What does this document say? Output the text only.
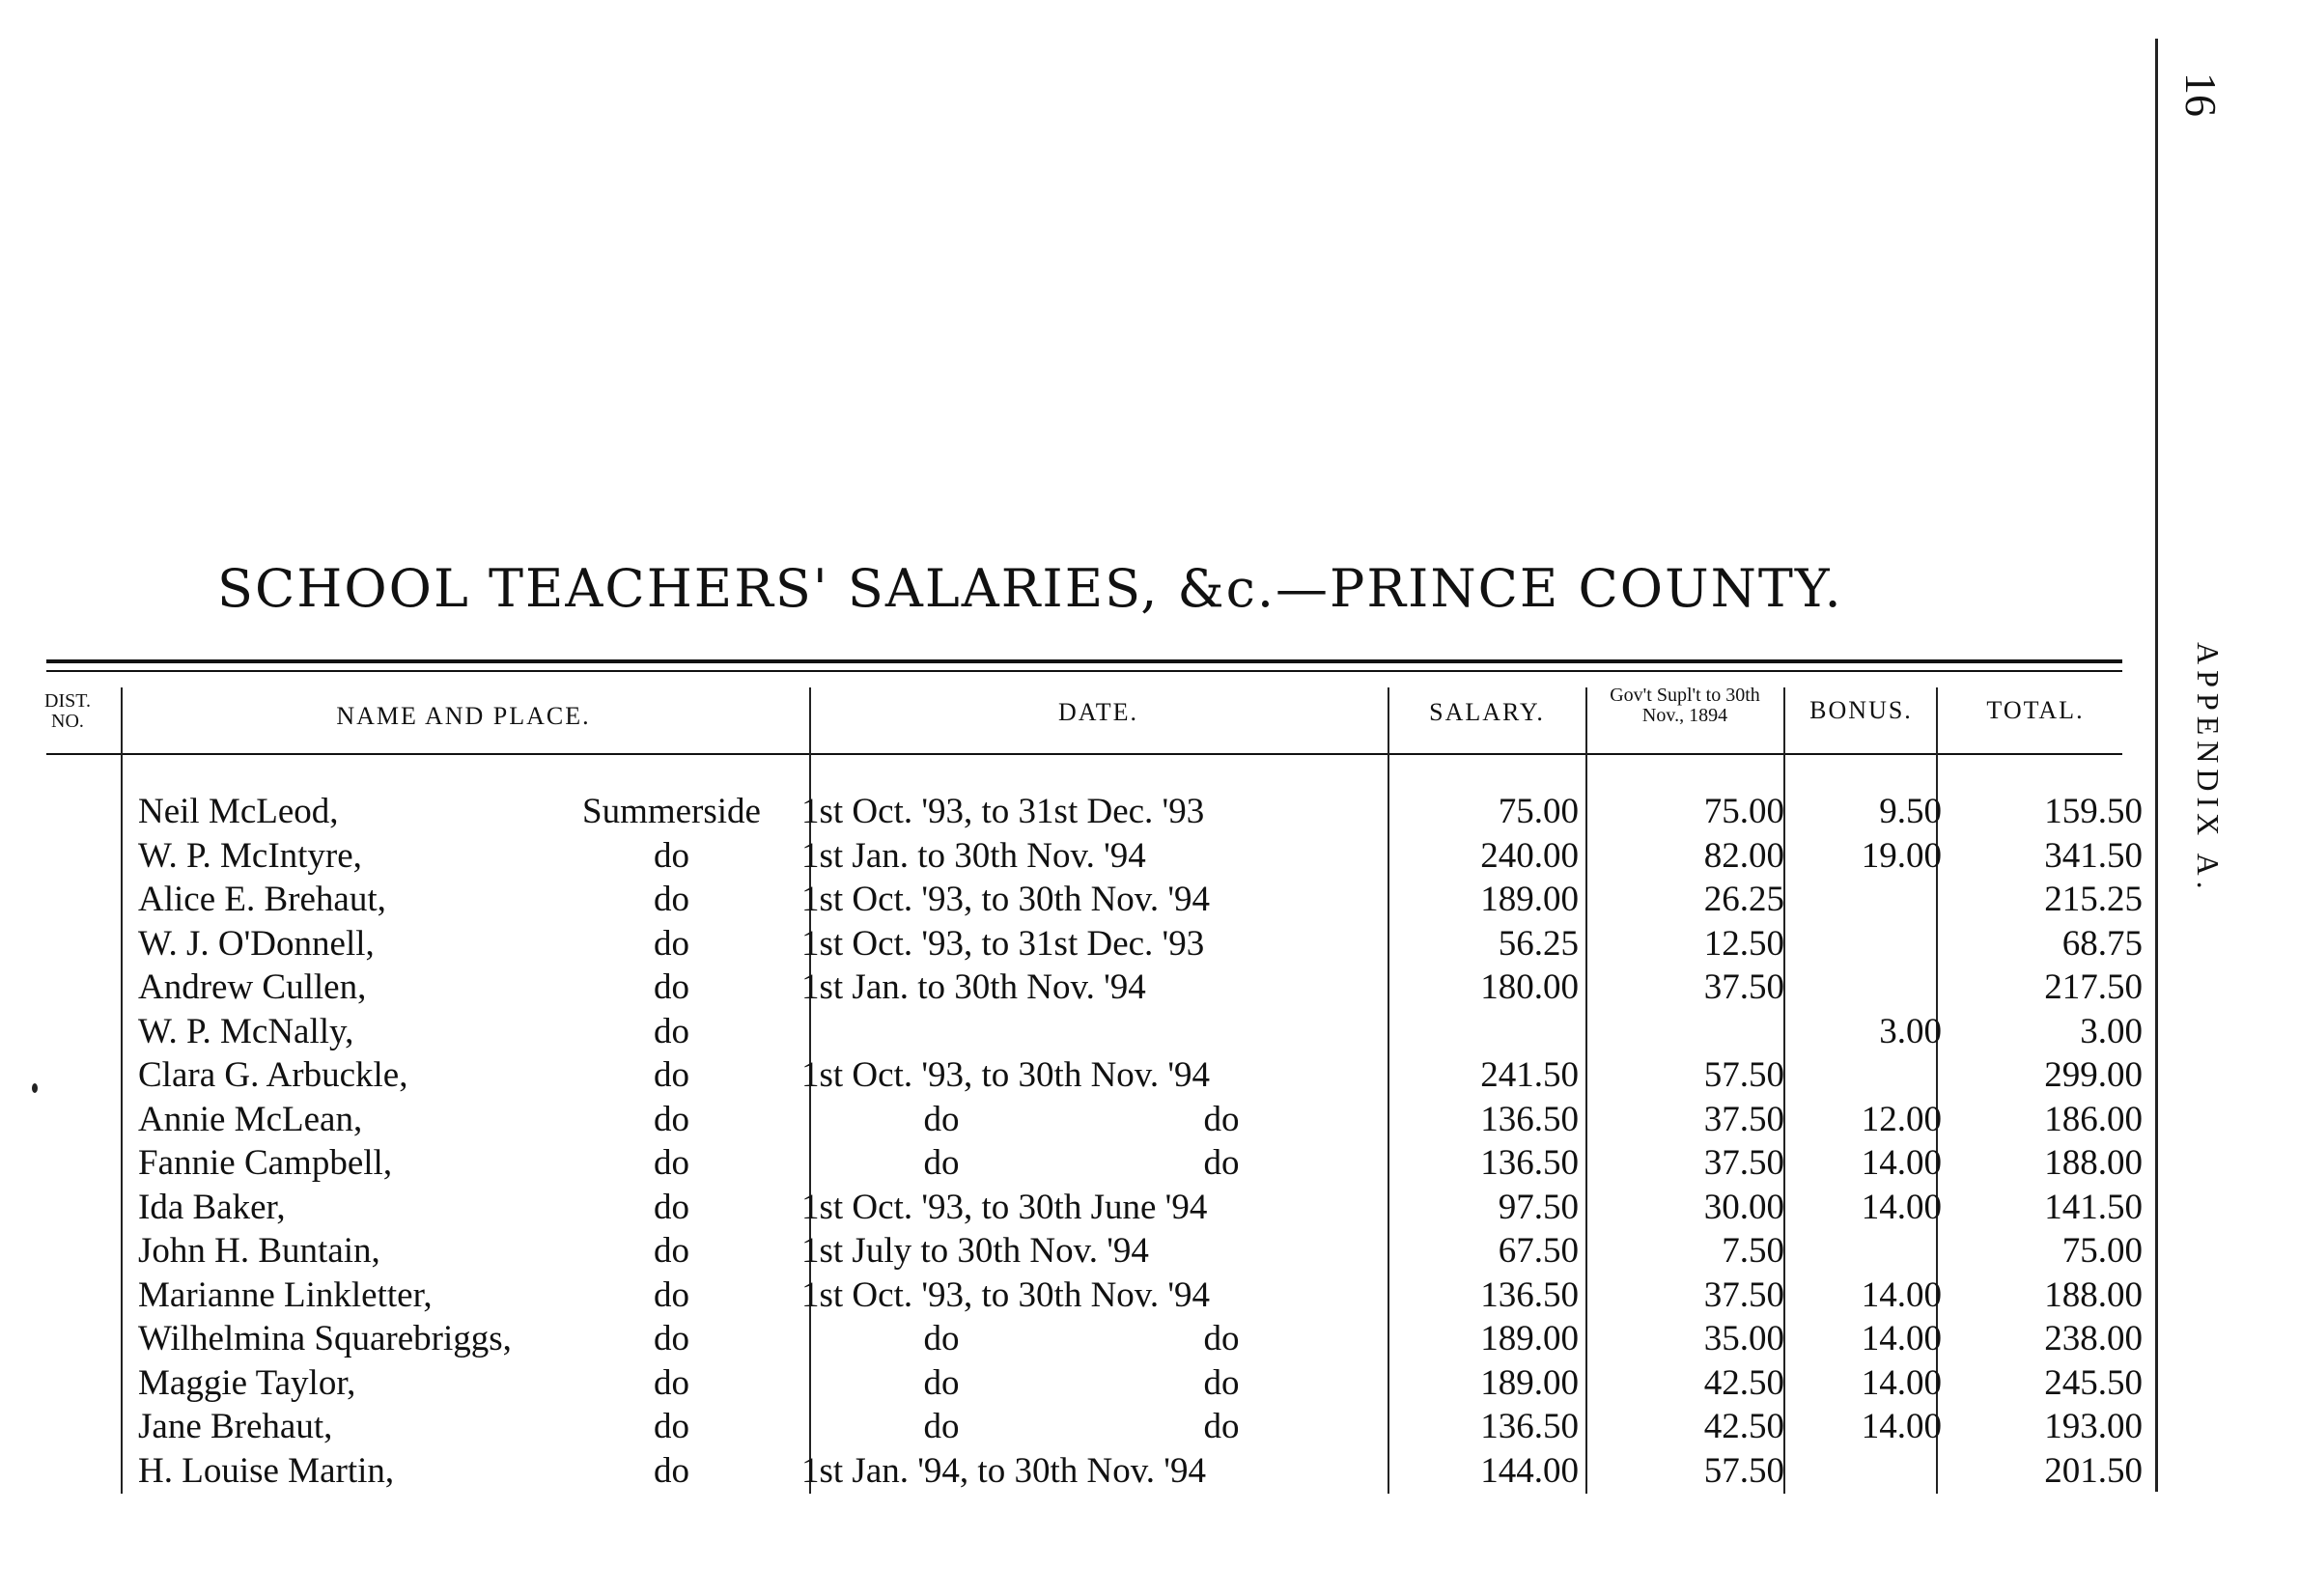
16
APPENDIX A.
SCHOOL TEACHERS' SALARIES, &c.—PRINCE COUNTY.
DIST. NO.	NAME AND PLACE.	DATE.	SALARY.
Gov't Supl't to 30th Nov., 1894	BONUS.	TOTAL.
Neil McLeod,	Summerside	1st Oct. '93, to 31st Dec. '93	75.00	75.00	9.50	159.50
W. P. McIntyre,	do	1st Jan. to 30th Nov. '94	240.00	82.00	19.00	341.50
Alice E. Brehaut,	do	1st Oct. '93, to 30th Nov. '94	189.00	26.25		215.25
W. J. O'Donnell,	do	1st Oct. '93, to 31st Dec. '93	56.25	12.50		68.75
Andrew Cullen,	do	1st Jan. to 30th Nov. '94	180.00	37.50		217.50
W. P. McNally,	do				3.00	3.00
Clara G. Arbuckle,	do	1st Oct. '93, to 30th Nov. '94	241.50	57.50		299.00
Annie McLean,	do	do do	136.50	37.50	12.00	186.00
Fannie Campbell,	do	do do	136.50	37.50	14.00	188.00
Ida Baker,	do	1st Oct. '93, to 30th June '94	97.50	30.00	14.00	141.50
John H. Buntain,	do	1st July to 30th Nov. '94	67.50	7.50		75.00
Marianne Linkletter,	do	1st Oct. '93, to 30th Nov. '94	136.50	37.50	14.00	188.00
Wilhelmina Squarebriggs,	do	do do	189.00	35.00	14.00	238.00
Maggie Taylor,	do	do do	189.00	42.50	14.00	245.50
Jane Brehaut,	do	do do	136.50	42.50	14.00	193.00
H. Louise Martin,	do	1st Jan. '94, to 30th Nov. '94	144.00	57.50		201.50
